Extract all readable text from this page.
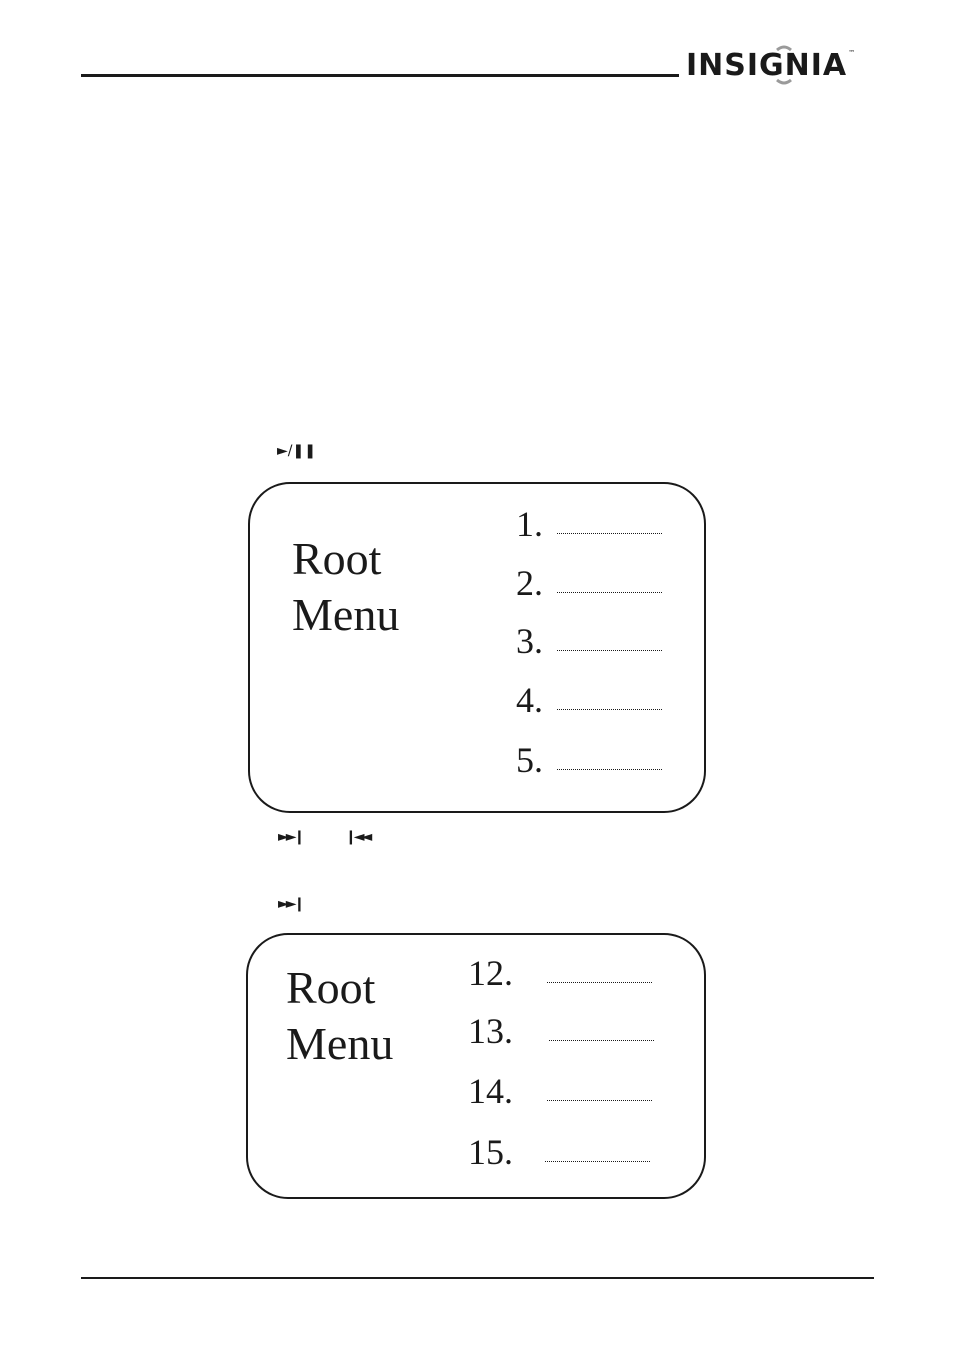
INSIGNIA ™
►/❚❚
Root
Menu
1.
2.
3.
4.
5.
►►❙	❙◄◄
►►❙
Root
Menu
12.
13.
14.
15.
